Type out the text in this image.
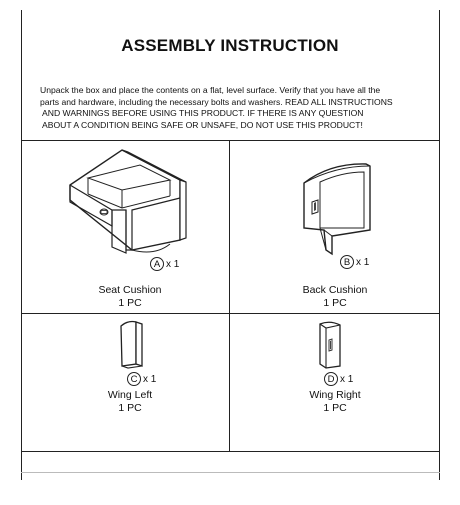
ASSEMBLY INSTRUCTION

Unpack the box and place the contents on a flat, level surface. Verify that you have all the

parts and hardware, including the necessary bolts and washers. READ ALL INSTRUCTIONS

AND WARNINGS BEFORE USING THIS PRODUCT. IF THERE IS ANY QUESTION

ABOUT A CONDITION BEING SAFE OR UNSAFE, DO NOT USE THIS PRODUCT!

A x 1
Seat Cushion
1 PC
B x 1
Back Cushion
1 PC
C x 1
Wing Left
1 PC
D x 1
Wing Right
1 PC
